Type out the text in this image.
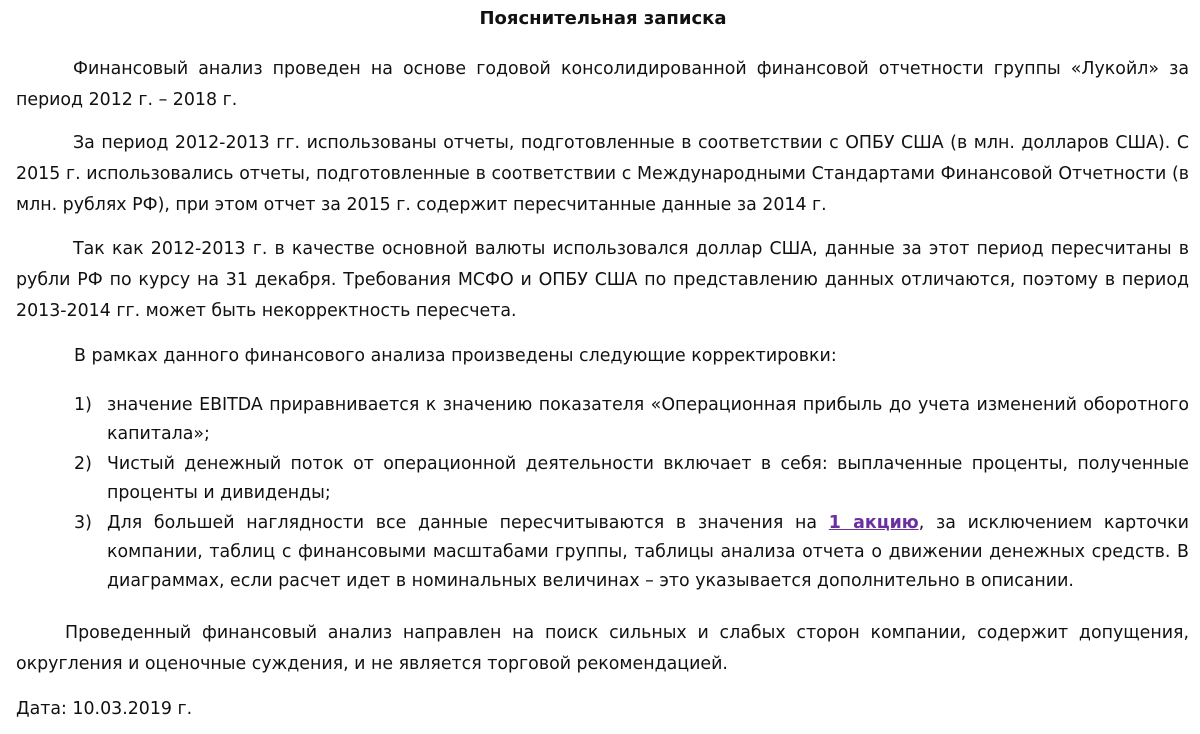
Пояснительная записка
Финансовый анализ проведен на основе годовой консолидированной финансовой отчетности группы «Лукойл» за период 2012 г. – 2018 г.
За период 2012-2013 гг. использованы отчеты, подготовленные в соответствии с ОПБУ США (в млн. долларов США). С 2015 г. использовались отчеты, подготовленные в соответствии с Международными Стандартами Финансовой Отчетности (в млн. рублях РФ), при этом отчет за 2015 г. содержит пересчитанные данные за 2014 г.
Так как 2012-2013 г. в качестве основной валюты использовался доллар США, данные за этот период пересчитаны в рубли РФ по курсу на 31 декабря. Требования МСФО и ОПБУ США по представлению данных отличаются, поэтому в период 2013-2014 гг. может быть некорректность пересчета.
В рамках данного финансового анализа произведены следующие корректировки:
1) значение EBITDA приравнивается к значению показателя «Операционная прибыль до учета изменений оборотного капитала»;
2) Чистый денежный поток от операционной деятельности включает в себя: выплаченные проценты, полученные проценты и дивиденды;
3) Для большей наглядности все данные пересчитываются в значения на 1 акцию, за исключением карточки компании, таблиц с финансовыми масштабами группы, таблицы анализа отчета о движении денежных средств. В диаграммах, если расчет идет в номинальных величинах – это указывается дополнительно в описании.
Проведенный финансовый анализ направлен на поиск сильных и слабых сторон компании, содержит допущения, округления и оценочные суждения, и не является торговой рекомендацией.
Дата: 10.03.2019 г.
